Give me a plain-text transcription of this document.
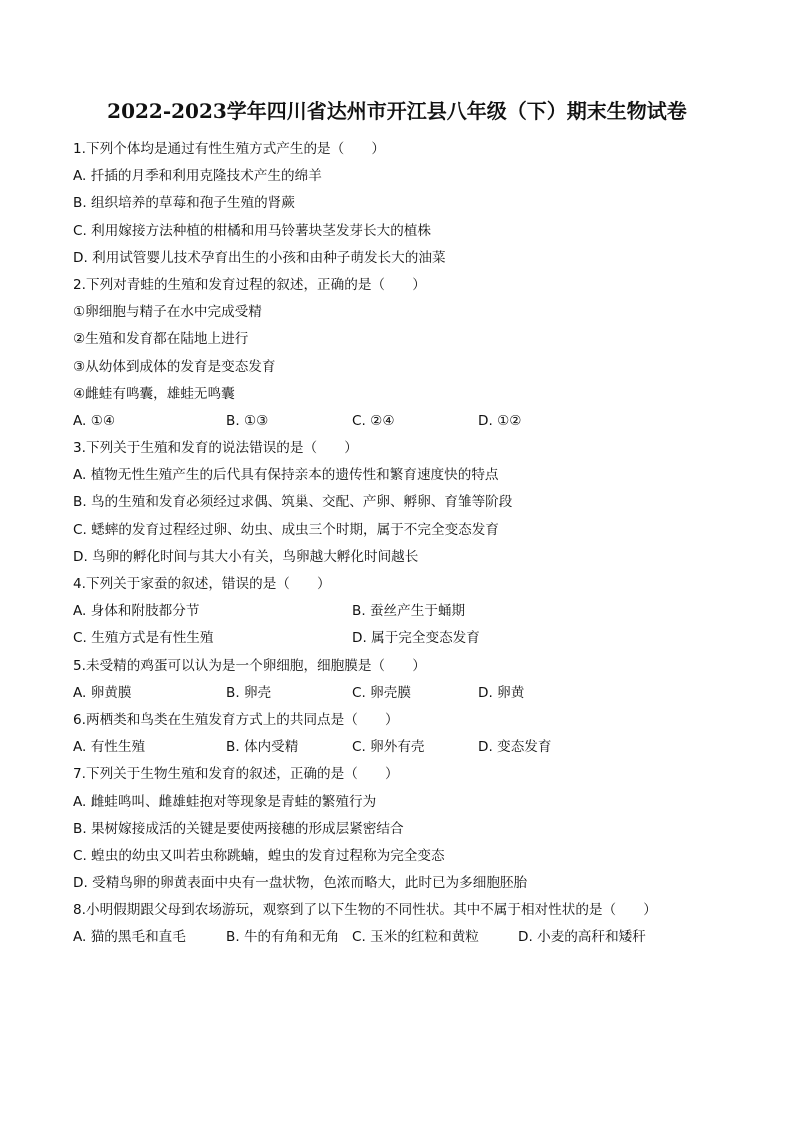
2022-2023学年四川省达州市开江县八年级（下）期末生物试卷
1.下列个体均是通过有性生殖方式产生的是（　　）
A. 扦插的月季和利用克隆技术产生的绵羊
B. 组织培养的草莓和孢子生殖的肾蕨
C. 利用嫁接方法种植的柑橘和用马铃薯块茎发芽长大的植株
D. 利用试管婴儿技术孕育出生的小孩和由种子萌发长大的油菜
2.下列对青蛙的生殖和发育过程的叙述，正确的是（　　）
①卵细胞与精子在水中完成受精
②生殖和发育都在陆地上进行
③从幼体到成体的发育是变态发育
④雌蛙有鸣囊，雄蛙无鸣囊
A. ①④	B. ①③	C. ②④	D. ①②
3.下列关于生殖和发育的说法错误的是（　　）
A. 植物无性生殖产生的后代具有保持亲本的遗传性和繁育速度快的特点
B. 鸟的生殖和发育必须经过求偶、筑巢、交配、产卵、孵卵、育雏等阶段
C. 蟋蟀的发育过程经过卵、幼虫、成虫三个时期，属于不完全变态发育
D. 鸟卵的孵化时间与其大小有关，鸟卵越大孵化时间越长
4.下列关于家蚕的叙述，错误的是（　　）
A. 身体和附肢都分节	B. 蚕丝产生于蛹期
C. 生殖方式是有性生殖	D. 属于完全变态发育
5.未受精的鸡蛋可以认为是一个卵细胞，细胞膜是（　　）
A. 卵黄膜	B. 卵壳	C. 卵壳膜	D. 卵黄
6.两栖类和鸟类在生殖发育方式上的共同点是（　　）
A. 有性生殖	B. 体内受精	C. 卵外有壳	D. 变态发育
7.下列关于生物生殖和发育的叙述，正确的是（　　）
A. 雌蛙鸣叫、雌雄蛙抱对等现象是青蛙的繁殖行为
B. 果树嫁接成活的关键是要使两接穗的形成层紧密结合
C. 蝗虫的幼虫又叫若虫称跳蝻，蝗虫的发育过程称为完全变态
D. 受精鸟卵的卵黄表面中央有一盘状物，色浓而略大，此时已为多细胞胚胎
8.小明假期跟父母到农场游玩，观察到了以下生物的不同性状。其中不属于相对性状的是（　　）
A. 猫的黑毛和直毛	B. 牛的有角和无角 C. 玉米的红粒和黄粒	D. 小麦的高秆和矮秆
